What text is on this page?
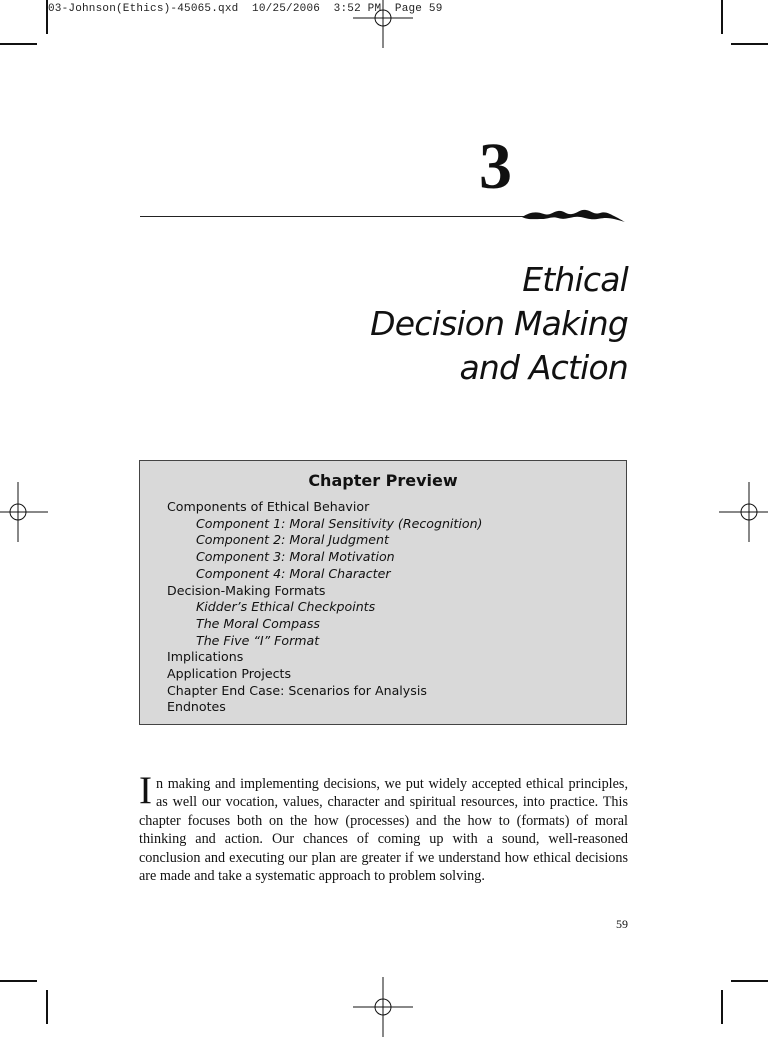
03-Johnson(Ethics)-45065.qxd 10/25/2006 3:52 PM Page 59
3
Ethical
Decision Making
and Action
Chapter Preview
Components of Ethical Behavior
Component 1: Moral Sensitivity (Recognition)
Component 2: Moral Judgment
Component 3: Moral Motivation
Component 4: Moral Character
Decision-Making Formats
Kidder’s Ethical Checkpoints
The Moral Compass
The Five “I” Format
Implications
Application Projects
Chapter End Case: Scenarios for Analysis
Endnotes
In making and implementing decisions, we put widely accepted ethical principles, as well our vocation, values, character and spiritual resources, into practice. This chapter focuses both on the how (processes) and the how to (formats) of moral thinking and action. Our chances of coming up with a sound, well-reasoned conclusion and executing our plan are greater if we understand how ethical decisions are made and take a systematic approach to problem solving.
59
